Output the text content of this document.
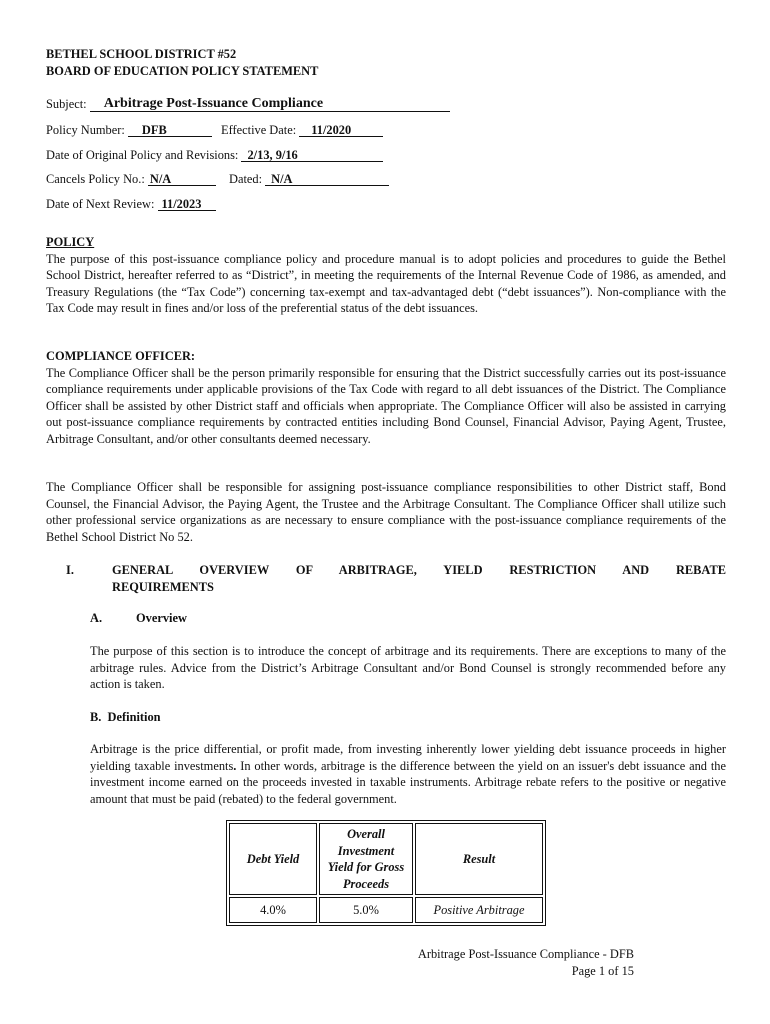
BETHEL SCHOOL DISTRICT #52
BOARD OF EDUCATION POLICY STATEMENT
Subject: Arbitrage Post-Issuance Compliance
Policy Number: DFB	Effective Date: 11/2020
Date of Original Policy and Revisions: 2/13, 9/16
Cancels Policy No.: N/A	Dated: N/A
Date of Next Review: 11/2023
POLICY
The purpose of this post-issuance compliance policy and procedure manual is to adopt policies and procedures to guide the Bethel School District, hereafter referred to as “District”, in meeting the requirements of the Internal Revenue Code of 1986, as amended, and Treasury Regulations (the “Tax Code”) concerning tax-exempt and tax-advantaged debt (“debt issuances”). Non-compliance with the Tax Code may result in fines and/or loss of the preferential status of the debt issuances.
COMPLIANCE OFFICER:
The Compliance Officer shall be the person primarily responsible for ensuring that the District successfully carries out its post-issuance compliance requirements under applicable provisions of the Tax Code with regard to all debt issuances of the District. The Compliance Officer shall be assisted by other District staff and officials when appropriate. The Compliance Officer will also be assisted in carrying out post-issuance compliance requirements by contracted entities including Bond Counsel, Financial Advisor, Paying Agent, Trustee, Arbitrage Consultant, and/or other consultants deemed necessary.
The Compliance Officer shall be responsible for assigning post-issuance compliance responsibilities to other District staff, Bond Counsel, the Financial Advisor, the Paying Agent, the Trustee and the Arbitrage Consultant. The Compliance Officer shall utilize such other professional service organizations as are necessary to ensure compliance with the post-issuance compliance requirements of the Bethel School District No 52.
I.	GENERAL OVERVIEW OF ARBITRAGE, YIELD RESTRICTION AND REBATE REQUIREMENTS
A.	Overview
The purpose of this section is to introduce the concept of arbitrage and its requirements. There are exceptions to many of the arbitrage rules. Advice from the District’s Arbitrage Consultant and/or Bond Counsel is strongly recommended before any action is taken.
B.  Definition
Arbitrage is the price differential, or profit made, from investing inherently lower yielding debt issuance proceeds in higher yielding taxable investments. In other words, arbitrage is the difference between the yield on an issuer's debt issuance and the investment income earned on the proceeds invested in taxable instruments. Arbitrage rebate refers to the positive or negative amount that must be paid (rebated) to the federal government.
Debt Yield	Overall Investment Yield for Gross Proceeds	Result
4.0%	5.0%	Positive Arbitrage
Arbitrage Post-Issuance Compliance - DFB
Page 1 of 15
